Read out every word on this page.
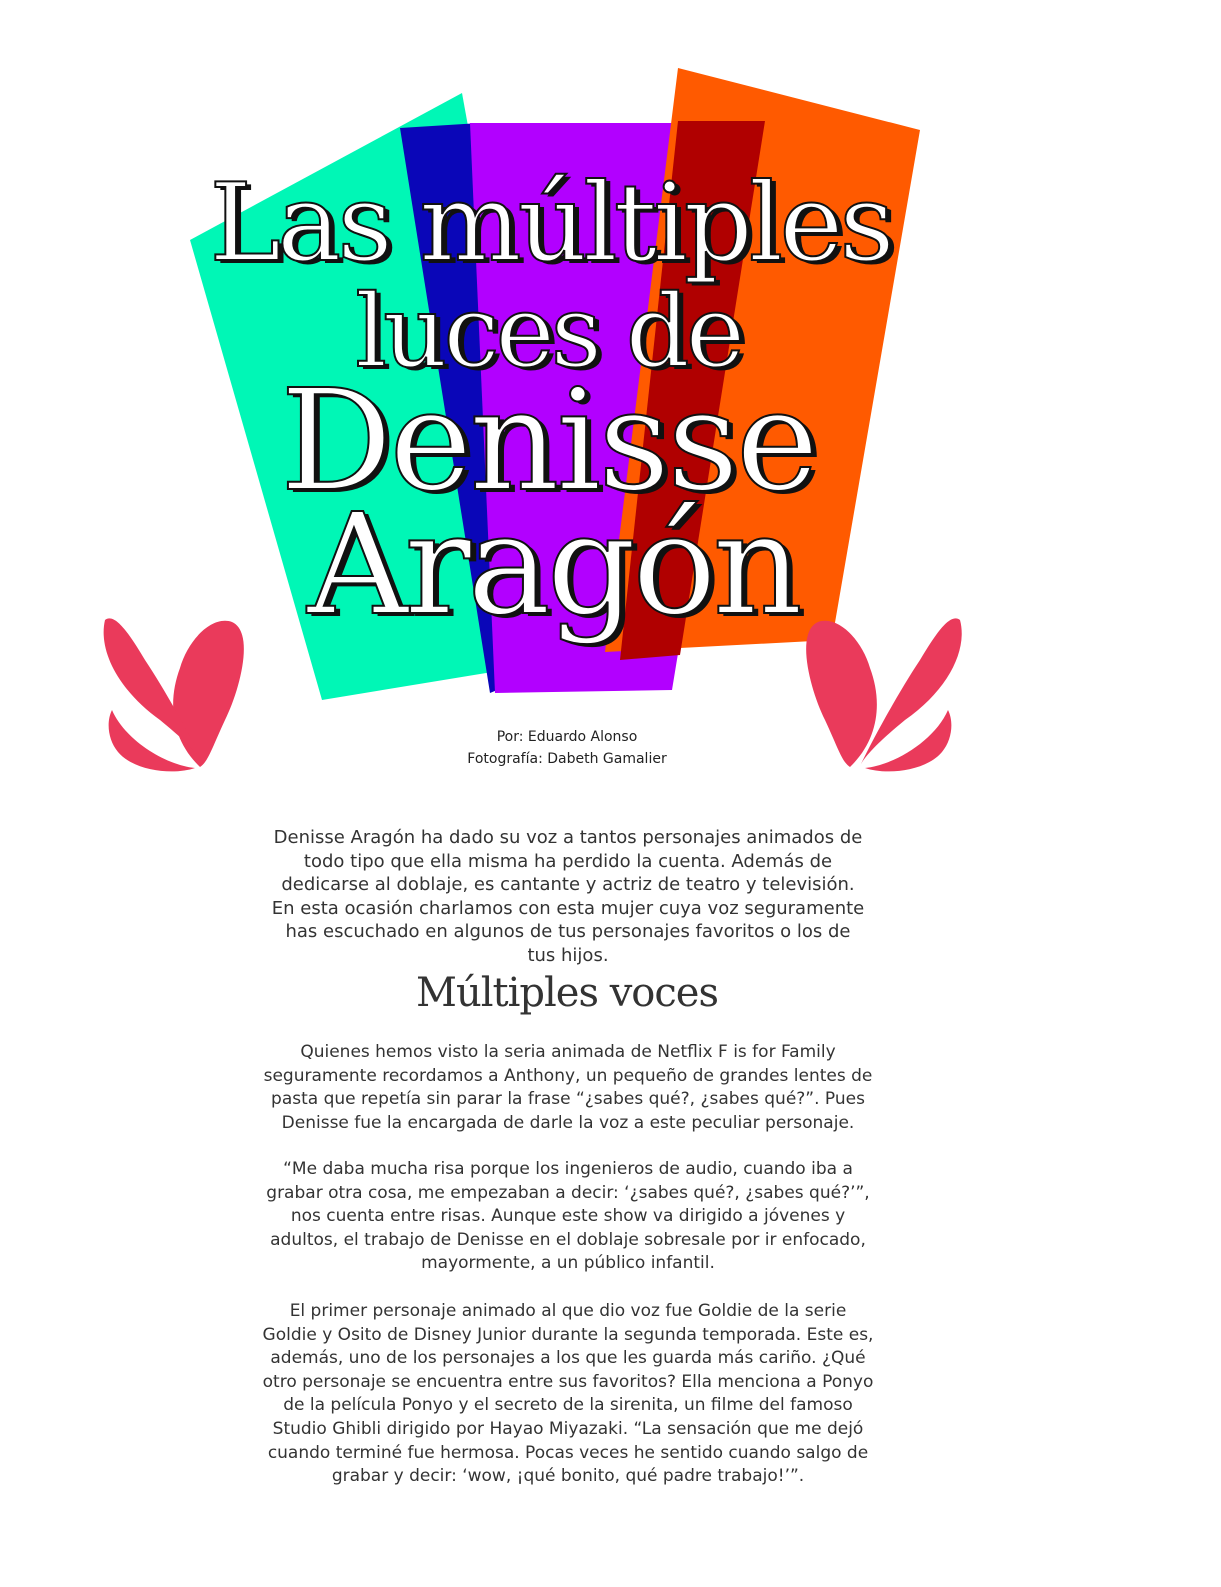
Las múltiples
luces de
Denisse
Aragón
Por: Eduardo Alonso
Fotografía: Dabeth Gamalier

Denisse Aragón ha dado su voz a tantos personajes animados de todo tipo que ella misma ha perdido la cuenta. Además de dedicarse al doblaje, es cantante y actriz de teatro y televisión. En esta ocasión charlamos con esta mujer cuya voz seguramente has escuchado en algunos de tus personajes favoritos o los de tus hijos.

Múltiples voces

Quienes hemos visto la seria animada de Netflix F is for Family seguramente recordamos a Anthony, un pequeño de grandes lentes de pasta que repetía sin parar la frase “¿sabes qué?, ¿sabes qué?”. Pues Denisse fue la encargada de darle la voz a este peculiar personaje.

“Me daba mucha risa porque los ingenieros de audio, cuando iba a grabar otra cosa, me empezaban a decir: ‘¿sabes qué?, ¿sabes qué?’”, nos cuenta entre risas. Aunque este show va dirigido a jóvenes y adultos, el trabajo de Denisse en el doblaje sobresale por ir enfocado, mayormente, a un público infantil.

El primer personaje animado al que dio voz fue Goldie de la serie Goldie y Osito de Disney Junior durante la segunda temporada. Este es, además, uno de los personajes a los que les guarda más cariño. ¿Qué otro personaje se encuentra entre sus favoritos? Ella menciona a Ponyo de la película Ponyo y el secreto de la sirenita, un filme del famoso Studio Ghibli dirigido por Hayao Miyazaki. “La sensación que me dejó cuando terminé fue hermosa. Pocas veces he sentido cuando salgo de grabar y decir: ‘wow, ¡qué bonito, qué padre trabajo!’”.
